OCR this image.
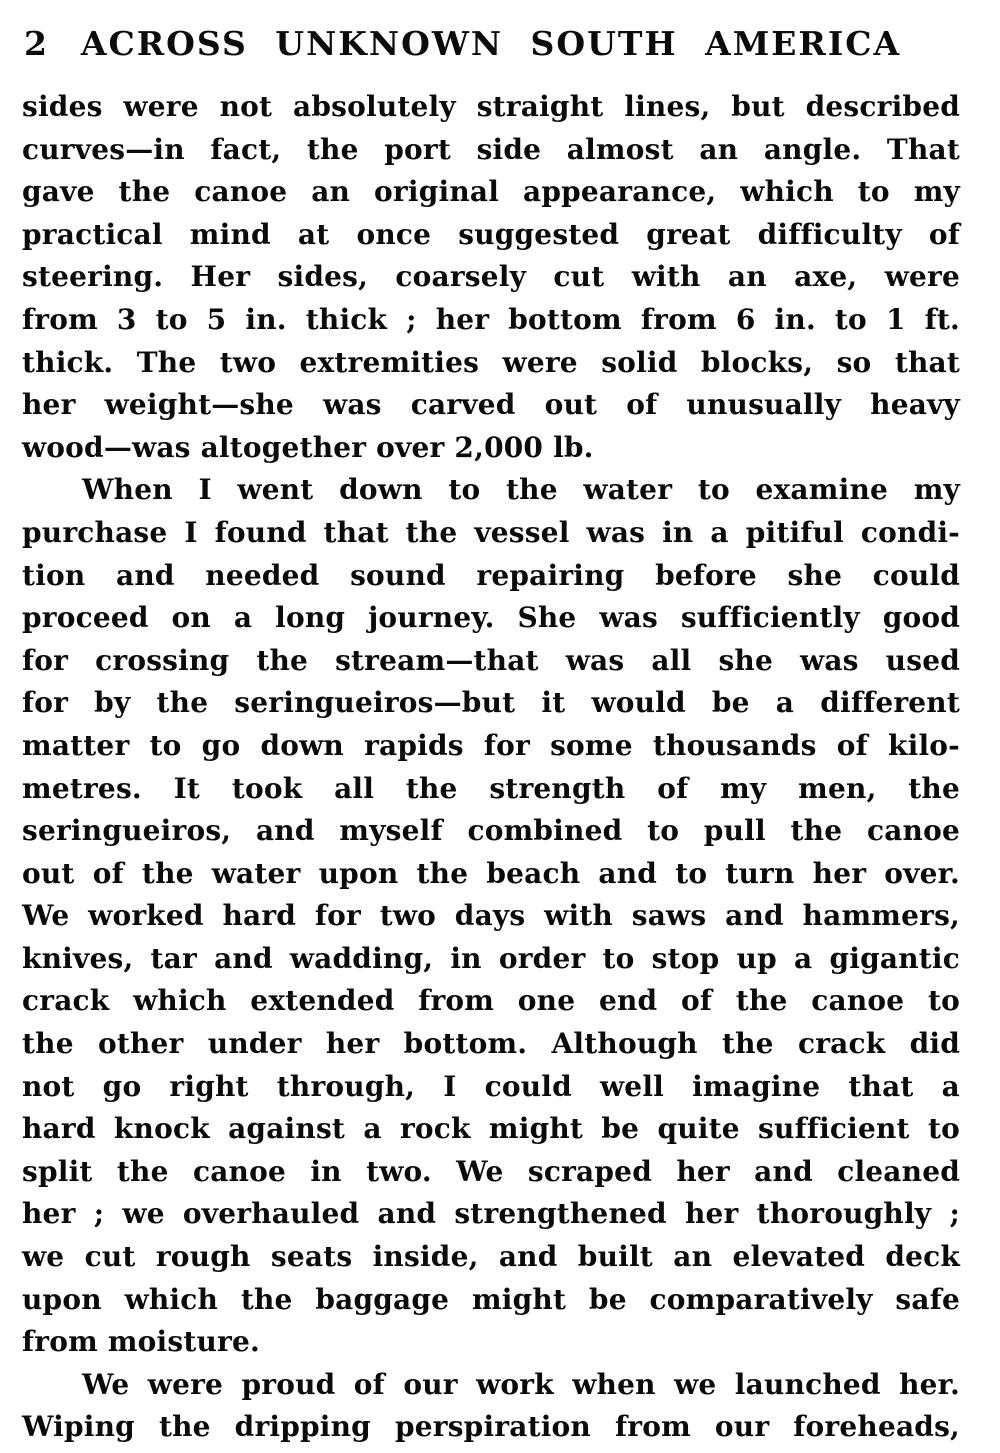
2	ACROSS UNKNOWN SOUTH AMERICA
sides were not absolutely straight lines, but described
curves—in fact, the port side almost an angle. That
gave the canoe an original appearance, which to my
practical mind at once suggested great difficulty of
steering. Her sides, coarsely cut with an axe, were
from 3 to 5 in. thick ; her bottom from 6 in. to 1 ft.
thick. The two extremities were solid blocks, so that
her weight—she was carved out of unusually heavy
wood—was altogether over 2,000 lb.
When I went down to the water to examine my
purchase I found that the vessel was in a pitiful condi-
tion and needed sound repairing before she could
proceed on a long journey. She was sufficiently good
for crossing the stream—that was all she was used
for by the seringueiros—but it would be a different
matter to go down rapids for some thousands of kilo-
metres. It took all the strength of my men, the
seringueiros, and myself combined to pull the canoe
out of the water upon the beach and to turn her over.
We worked hard for two days with saws and hammers,
knives, tar and wadding, in order to stop up a gigantic
crack which extended from one end of the canoe to
the other under her bottom. Although the crack did
not go right through, I could well imagine that a
hard knock against a rock might be quite sufficient to
split the canoe in two. We scraped her and cleaned
her ; we overhauled and strengthened her thoroughly ;
we cut rough seats inside, and built an elevated deck
upon which the baggage might be comparatively safe
from moisture.
We were proud of our work when we launched her.
Wiping the dripping perspiration from our foreheads,
